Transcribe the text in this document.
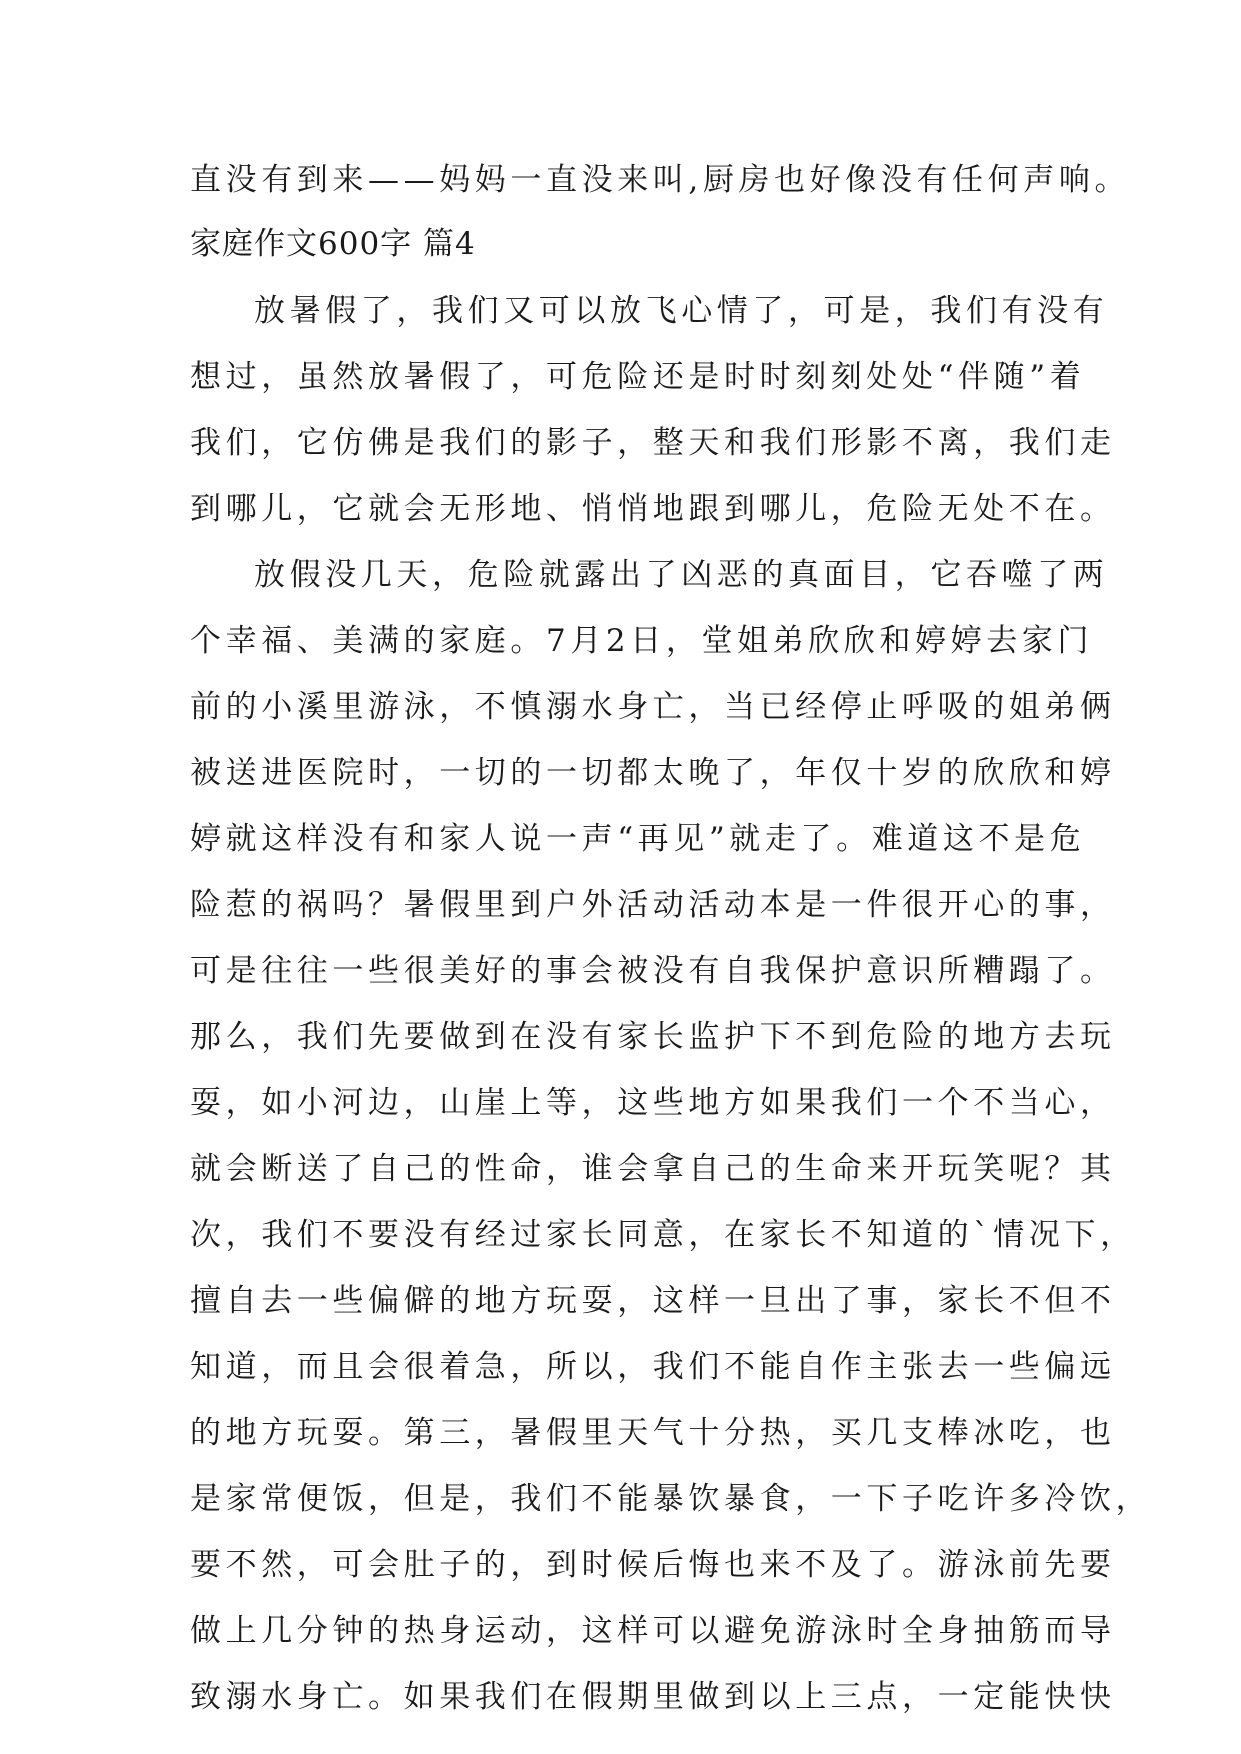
直没有到来——妈妈一直没来叫,厨房也好像没有任何声响。
家庭作文600字 篇4
放暑假了，我们又可以放飞心情了，可是，我们有没有
想过，虽然放暑假了，可危险还是时时刻刻处处“伴随”着
我们，它仿佛是我们的影子，整天和我们形影不离，我们走
到哪儿，它就会无形地、悄悄地跟到哪儿，危险无处不在。
放假没几天，危险就露出了凶恶的真面目，它吞噬了两
个幸福、美满的家庭。7月2日，堂姐弟欣欣和婷婷去家门
前的小溪里游泳，不慎溺水身亡，当已经停止呼吸的姐弟俩
被送进医院时，一切的一切都太晚了，年仅十岁的欣欣和婷
婷就这样没有和家人说一声“再见”就走了。难道这不是危
险惹的祸吗？暑假里到户外活动活动本是一件很开心的事，
可是往往一些很美好的事会被没有自我保护意识所糟蹋了。
那么，我们先要做到在没有家长监护下不到危险的地方去玩
耍，如小河边，山崖上等，这些地方如果我们一个不当心，
就会断送了自己的性命，谁会拿自己的生命来开玩笑呢？其
次，我们不要没有经过家长同意，在家长不知道的`情况下，
擅自去一些偏僻的地方玩耍，这样一旦出了事，家长不但不
知道，而且会很着急，所以，我们不能自作主张去一些偏远
的地方玩耍。第三，暑假里天气十分热，买几支棒冰吃，也
是家常便饭，但是，我们不能暴饮暴食，一下子吃许多冷饮，
要不然，可会肚子的，到时候后悔也来不及了。游泳前先要
做上几分钟的热身运动，这样可以避免游泳时全身抽筋而导
致溺水身亡。如果我们在假期里做到以上三点，一定能快快
